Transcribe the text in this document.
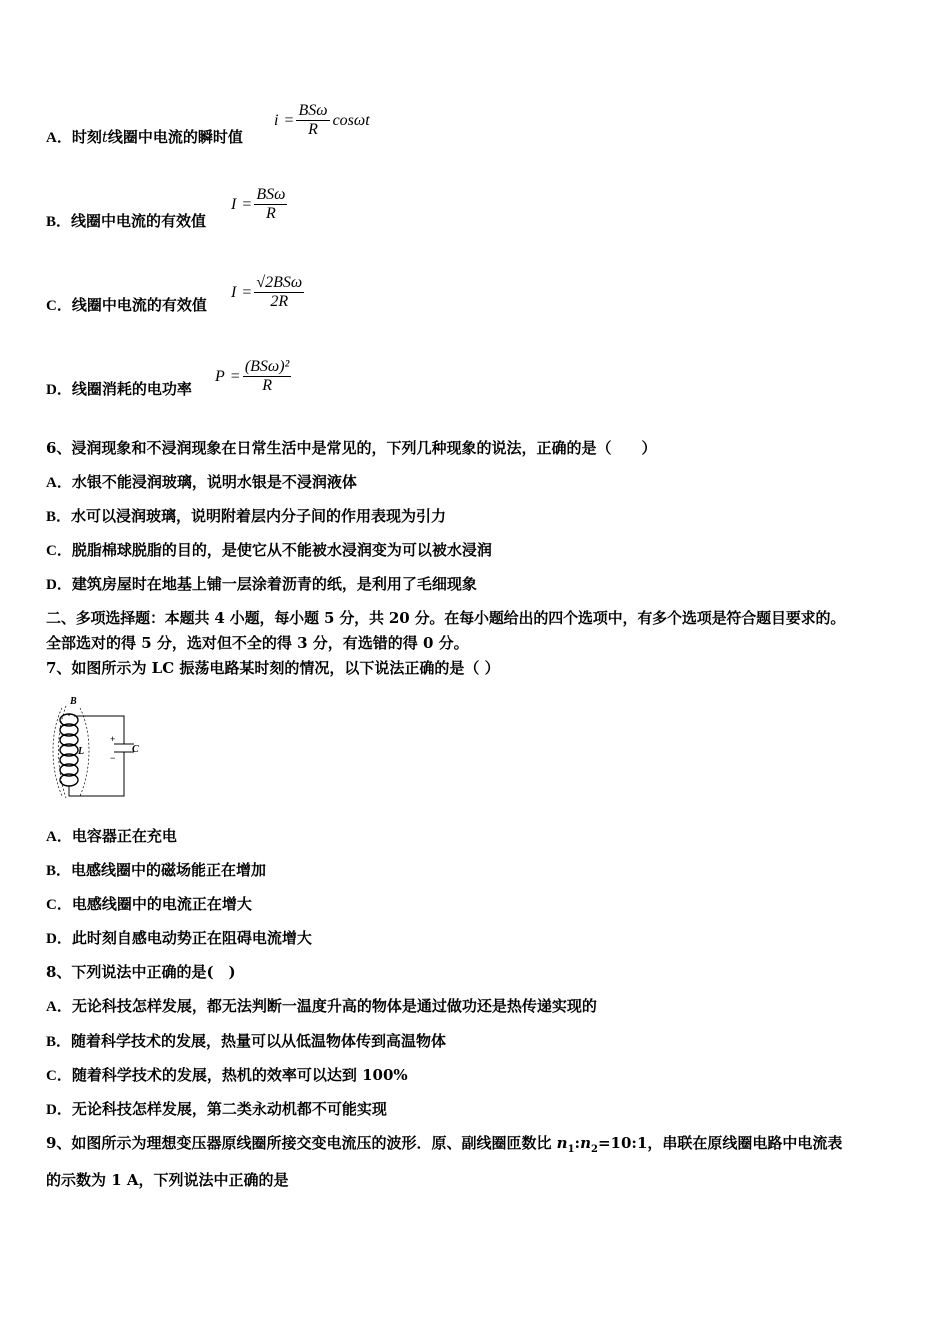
A．时刻t线圈中电流的瞬时值
$i = \frac{\text{BSω}}{R}$ cosωt
B．线圈中电流的有效值
$I = \frac{\text{BSω}}{R}$
C．线圈中电流的有效值
$I = \frac{\text{√2BSω}}{2R}$
D．线圈消耗的电功率
$P = \frac{\text{(BSω)²}}{R}$
6、浸润现象和不浸润现象在日常生活中是常见的，下列几种现象的说法，正确的是（　　）
A．水银不能浸润玻璃，说明水银是不浸润液体
B．水可以浸润玻璃，说明附着层内分子间的作用表现为引力
C．脱脂棉球脱脂的目的，是使它从不能被水浸润变为可以被水浸润
D．建筑房屋时在地基上铺一层涂着沥青的纸，是利用了毛细现象
二、多项选择题：本题共 4 小题，每小题 5 分，共 20 分。在每小题给出的四个选项中，有多个选项是符合题目要求的。
全部选对的得 5 分，选对但不全的得 3 分，有选错的得 0 分。
7、如图所示为 LC 振荡电路某时刻的情况，以下说法正确的是（ ）
B
L
+
−
C
A．电容器正在充电
B．电感线圈中的磁场能正在增加
C．电感线圈中的电流正在增大
D．此时刻自感电动势正在阻碍电流增大
8、下列说法中正确的是(　)
A．无论科技怎样发展，都无法判断一温度升高的物体是通过做功还是热传递实现的
B．随着科学技术的发展，热量可以从低温物体传到高温物体
C．随着科学技术的发展，热机的效率可以达到 100%
D．无论科技怎样发展，第二类永动机都不可能实现
9、如图所示为理想变压器原线圈所接交变电流压的波形．原、副线圈匝数比 $n_1:n_2=10:1$，串联在原线圈电路中电流表
的示数为 1 A，下列说法中正确的是
